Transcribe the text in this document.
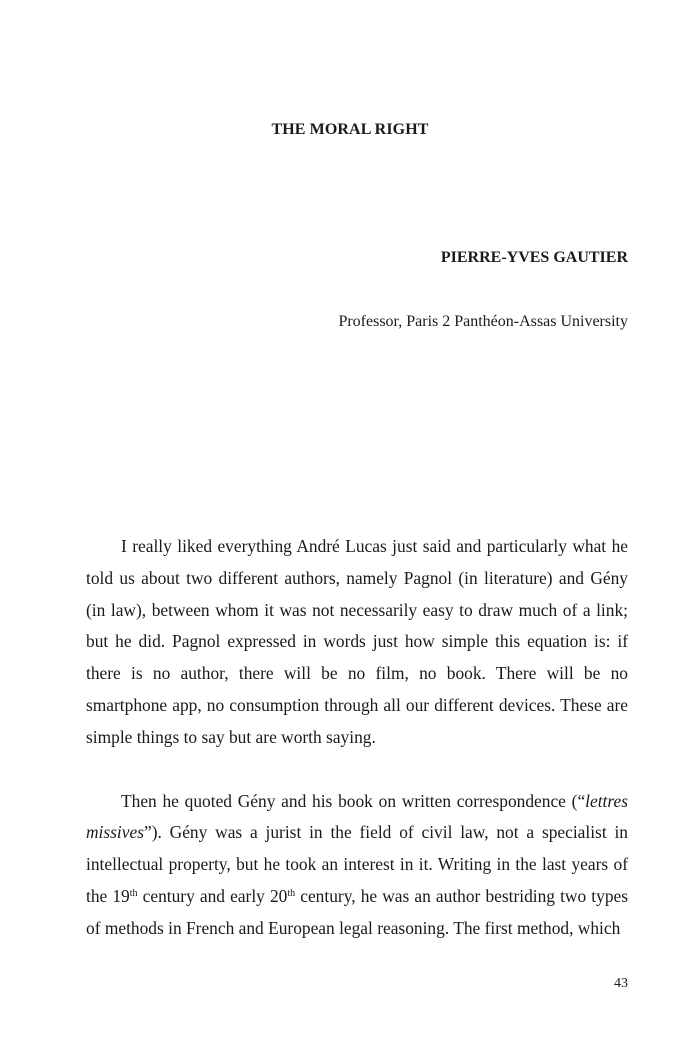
THE MORAL RIGHT

PIERRE-YVES GAUTIER

Professor, Paris 2 Panthéon-Assas University

I really liked everything André Lucas just said and particularly what he told us about two different authors, namely Pagnol (in literature) and Gény (in law), between whom it was not necessarily easy to draw much of a link; but he did. Pagnol expressed in words just how simple this equation is: if there is no author, there will be no film, no book. There will be no smartphone app, no consumption through all our different devices. These are simple things to say but are worth saying.

Then he quoted Gény and his book on written correspondence (“lettres missives”). Gény was a jurist in the field of civil law, not a specialist in intellectual property, but he took an interest in it. Writing in the last years of the 19th century and early 20th century, he was an author bestriding two types of methods in French and European legal reasoning. The first method, which

43
